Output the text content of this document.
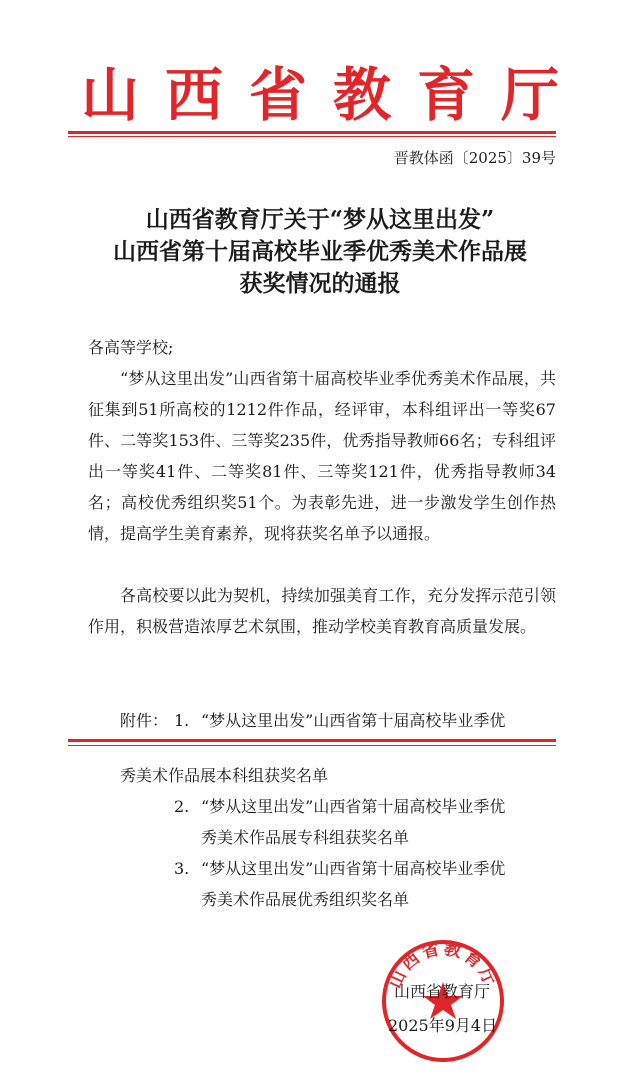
山西省教育厅
晋教体函〔2025〕39号
山西省教育厅关于“梦从这里出发”
山西省第十届高校毕业季优秀美术作品展
获奖情况的通报
各高等学校;
“梦从这里出发”山西省第十届高校毕业季优秀美术作品展，共征集到51所高校的1212件作品，经评审，本科组评出一等奖67件、二等奖153件、三等奖235件，优秀指导教师66名；专科组评出一等奖41件、二等奖81件、三等奖121件，优秀指导教师34名；高校优秀组织奖51个。为表彰先进，进一步激发学生创作热情，提高学生美育素养，现将获奖名单予以通报。
各高校要以此为契机，持续加强美育工作，充分发挥示范引领作用，积极营造浓厚艺术氛围，推动学校美育教育高质量发展。
附件： 1. “梦从这里出发”山西省第十届高校毕业季优
秀美术作品展本科组获奖名单
2. “梦从这里出发”山西省第十届高校毕业季优
秀美术作品展专科组获奖名单
3. “梦从这里出发”山西省第十届高校毕业季优
秀美术作品展优秀组织奖名单
山西省教育厅
山西省教育厅
2025年9月4日
